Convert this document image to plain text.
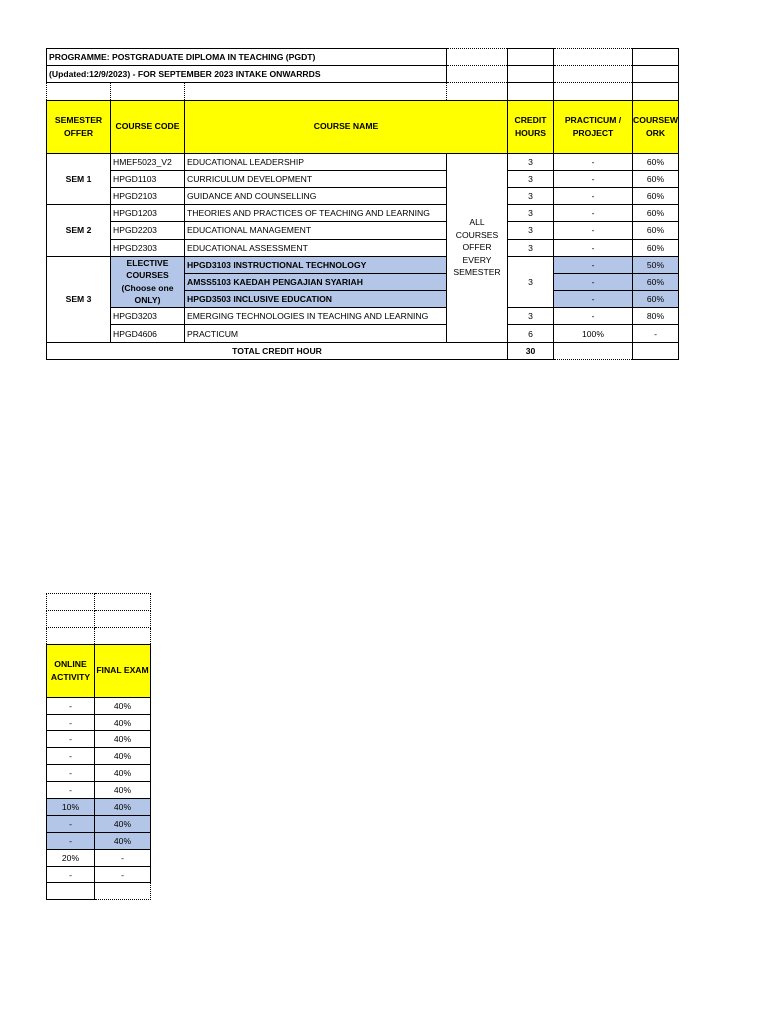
PROGRAMME: POSTGRADUATE DIPLOMA IN TEACHING (PGDT)						
(Updated:12/9/2023) - FOR SEPTEMBER 2023 INTAKE ONWARRDS						

SEMESTER OFFER	COURSE CODE	COURSE NAME		CREDIT HOURS	PRACTICUM / PROJECT	COURSEWORK
SEM 1	HMEF5023_V2	EDUCATIONAL LEADERSHIP	ALL COURSES OFFER EVERY SEMESTER	3	-	60%
	HPGD1103	CURRICULUM DEVELOPMENT		3	-	60%
	HPGD2103	GUIDANCE AND COUNSELLING		3	-	60%
SEM 2	HPGD1203	THEORIES AND PRACTICES OF TEACHING AND LEARNING		3	-	60%
	HPGD2203	EDUCATIONAL MANAGEMENT		3	-	60%
	HPGD2303	EDUCATIONAL ASSESSMENT		3	-	60%
SEM 3	ELECTIVE COURSES (Choose one ONLY)	HPGD3103 INSTRUCTIONAL TECHNOLOGY		3	-	50%
		AMSS5103 KAEDAH PENGAJIAN SYARIAH			-	60%
		HPGD3503 INCLUSIVE EDUCATION			-	60%
	HPGD3203	EMERGING TECHNOLOGIES IN TEACHING AND LEARNING		3	-	80%
	HPGD4606	PRACTICUM		6	100%	-
TOTAL CREDIT HOUR				30		

ONLINE ACTIVITY	FINAL EXAM
-	40%
-	40%
-	40%
-	40%
-	40%
-	40%
10%	40%
-	40%
-	40%
20%	-
-	-
